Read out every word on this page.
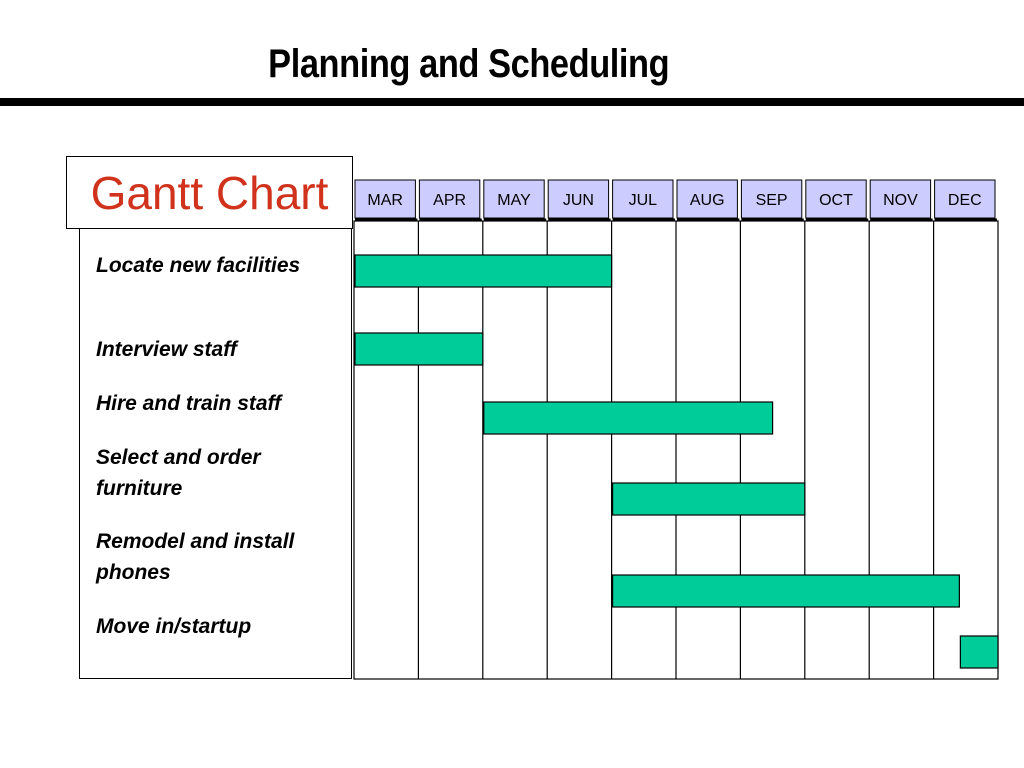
Planning and Scheduling
Gantt Chart
Locate new facilities
Interview staff
Hire and train staff
Select and order furniture
Remodel and install phones
Move in/startup
MAR APR MAY JUN JUL AUG SEP OCT NOV DEC
